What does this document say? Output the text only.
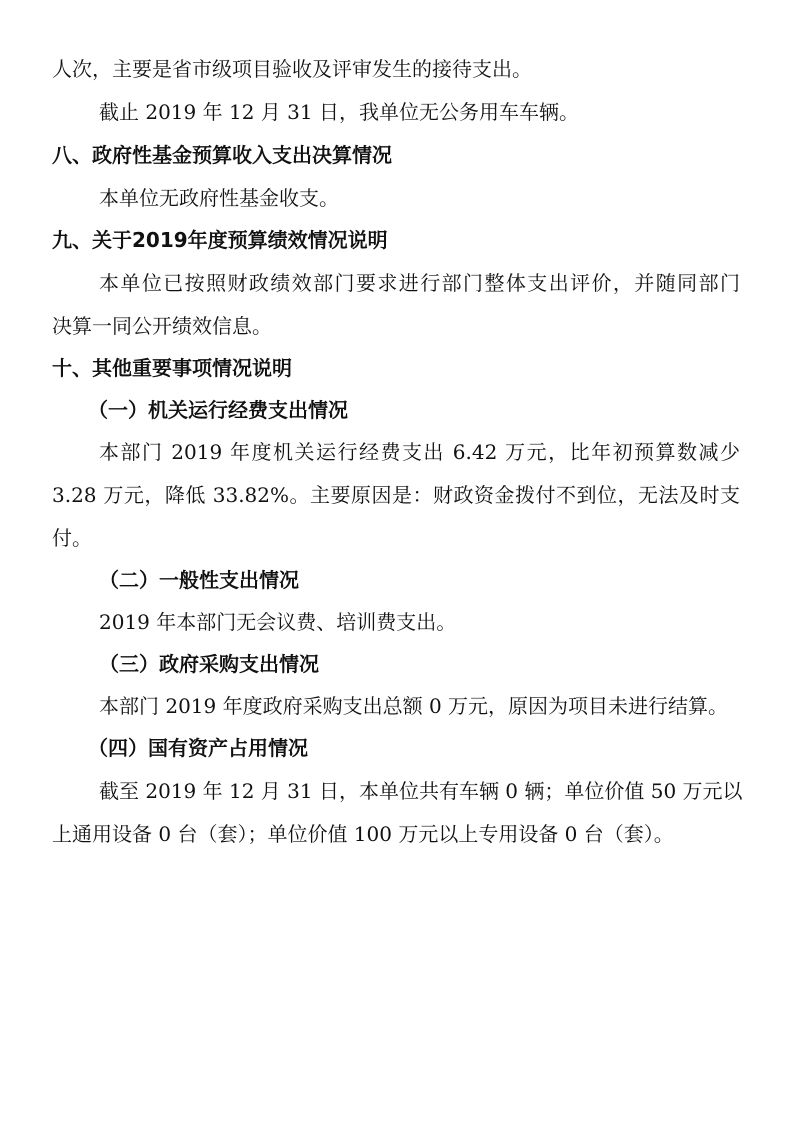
人次，主要是省市级项目验收及评审发生的接待支出。
截止 2019 年 12 月 31 日，我单位无公务用车车辆。
八、政府性基金预算收入支出决算情况
本单位无政府性基金收支。
九、关于2019年度预算绩效情况说明
本单位已按照财政绩效部门要求进行部门整体支出评价，并随同部门
决算一同公开绩效信息。
十、其他重要事项情况说明
（一）机关运行经费支出情况
本部门 2019 年度机关运行经费支出 6.42 万元，比年初预算数减少
3.28 万元，降低 33.82%。主要原因是：财政资金拨付不到位，无法及时支
付。
（二）一般性支出情况
2019 年本部门无会议费、培训费支出。
（三）政府采购支出情况
本部门 2019 年度政府采购支出总额 0 万元，原因为项目未进行结算。
（四）国有资产占用情况
截至 2019 年 12 月 31 日，本单位共有车辆 0 辆；单位价值 50 万元以
上通用设备 0 台（套）；单位价值 100 万元以上专用设备 0 台（套）。
